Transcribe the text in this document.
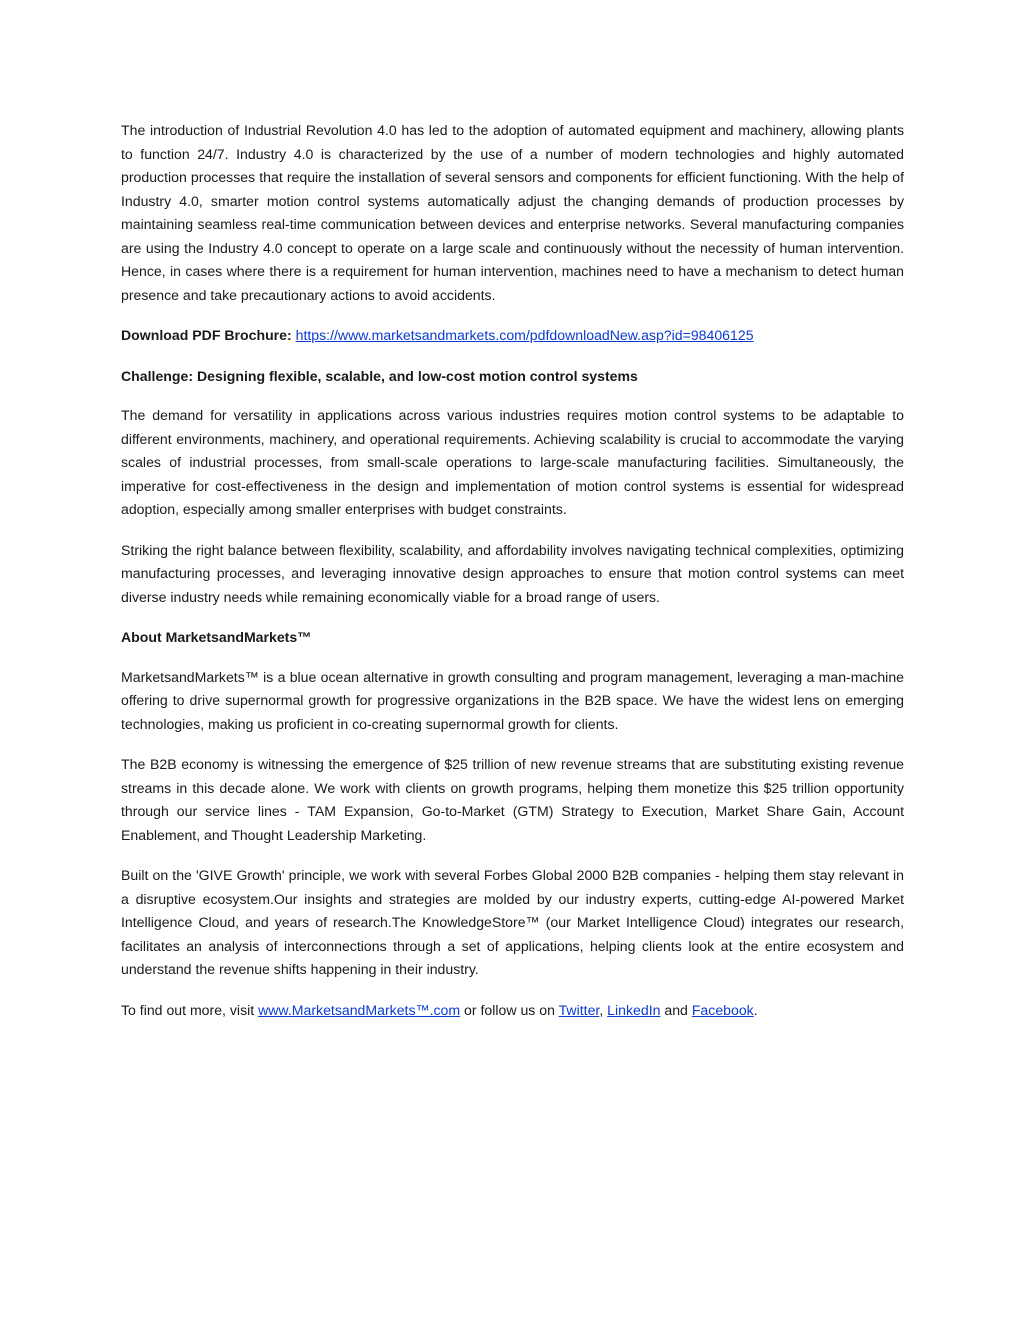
The introduction of Industrial Revolution 4.0 has led to the adoption of automated equipment and machinery, allowing plants to function 24/7. Industry 4.0 is characterized by the use of a number of modern technologies and highly automated production processes that require the installation of several sensors and components for efficient functioning. With the help of Industry 4.0, smarter motion control systems automatically adjust the changing demands of production processes by maintaining seamless real-time communication between devices and enterprise networks. Several manufacturing companies are using the Industry 4.0 concept to operate on a large scale and continuously without the necessity of human intervention. Hence, in cases where there is a requirement for human intervention, machines need to have a mechanism to detect human presence and take precautionary actions to avoid accidents.

Download PDF Brochure: https://www.marketsandmarkets.com/pdfdownloadNew.asp?id=98406125

Challenge: Designing flexible, scalable, and low-cost motion control systems

The demand for versatility in applications across various industries requires motion control systems to be adaptable to different environments, machinery, and operational requirements. Achieving scalability is crucial to accommodate the varying scales of industrial processes, from small-scale operations to large-scale manufacturing facilities. Simultaneously, the imperative for cost-effectiveness in the design and implementation of motion control systems is essential for widespread adoption, especially among smaller enterprises with budget constraints.

Striking the right balance between flexibility, scalability, and affordability involves navigating technical complexities, optimizing manufacturing processes, and leveraging innovative design approaches to ensure that motion control systems can meet diverse industry needs while remaining economically viable for a broad range of users.

About MarketsandMarkets™

MarketsandMarkets™ is a blue ocean alternative in growth consulting and program management, leveraging a man-machine offering to drive supernormal growth for progressive organizations in the B2B space. We have the widest lens on emerging technologies, making us proficient in co-creating supernormal growth for clients.

The B2B economy is witnessing the emergence of $25 trillion of new revenue streams that are substituting existing revenue streams in this decade alone. We work with clients on growth programs, helping them monetize this $25 trillion opportunity through our service lines - TAM Expansion, Go-to-Market (GTM) Strategy to Execution, Market Share Gain, Account Enablement, and Thought Leadership Marketing.

Built on the 'GIVE Growth' principle, we work with several Forbes Global 2000 B2B companies - helping them stay relevant in a disruptive ecosystem.Our insights and strategies are molded by our industry experts, cutting-edge AI-powered Market Intelligence Cloud, and years of research.The KnowledgeStore™ (our Market Intelligence Cloud) integrates our research, facilitates an analysis of interconnections through a set of applications, helping clients look at the entire ecosystem and understand the revenue shifts happening in their industry.

To find out more, visit www.MarketsandMarkets™.com or follow us on Twitter, LinkedIn and Facebook.
